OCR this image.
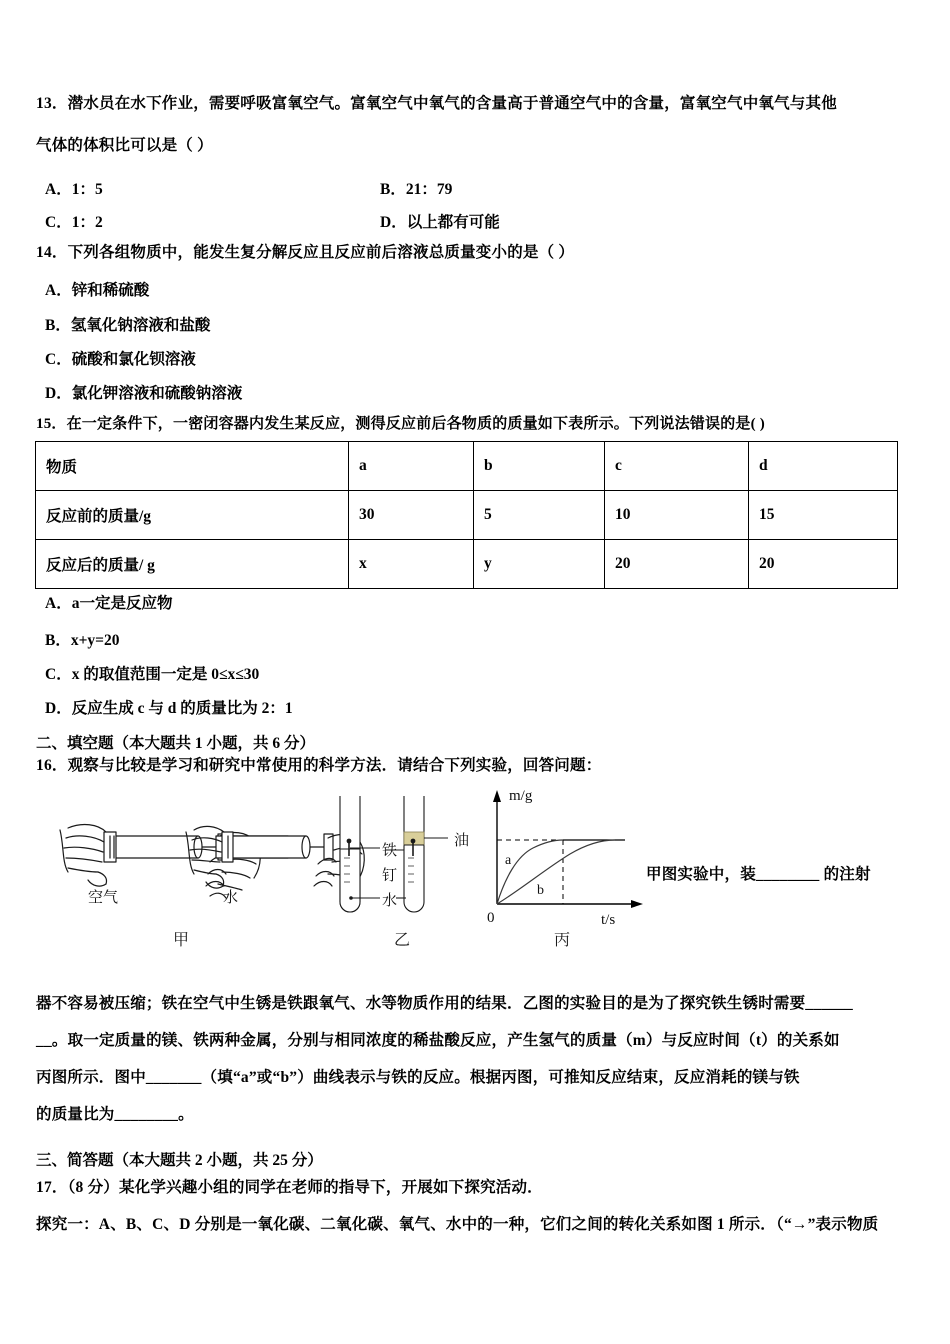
13．潜水员在水下作业，需要呼吸富氧空气。富氧空气中氧气的含量高于普通空气中的含量，富氧空气中氧气与其他
气体的体积比可以是（ ）
A．1：5	B．21：79
C．1：2	D．以上都有可能
14．下列各组物质中，能发生复分解反应且反应前后溶液总质量变小的是（ ）
A．锌和稀硫酸
B．氢氧化钠溶液和盐酸
C．硫酸和氯化钡溶液
D．氯化钾溶液和硫酸钠溶液
15．在一定条件下，一密闭容器内发生某反应，测得反应前后各物质的质量如下表所示。下列说法错误的是( )
物质	a	b	c	d
反应前的质量/g	30	5	10	15
反应后的质量/ g	x	y	20	20
A．a一定是反应物
B．x+y=20
C．x 的取值范围一定是 0≤x≤30
D．反应生成 c 与 d 的质量比为 2：1
二、填空题（本大题共 1 小题，共 6 分）
16．观察与比较是学习和研究中常使用的科学方法．请结合下列实验，回答问题：
空气	水
甲
铁
钉
水
油
乙
a
b
m/g
t/s
0
丙
甲图实验中，装________ 的注射
器不容易被压缩；铁在空气中生锈是铁跟氧气、水等物质作用的结果．乙图的实验目的是为了探究铁生锈时需要______
__。取一定质量的镁、铁两种金属，分别与相同浓度的稀盐酸反应，产生氢气的质量（m）与反应时间（t）的关系如
丙图所示．图中_______（填“a”或“b”）曲线表示与铁的反应。根据丙图，可推知反应结束，反应消耗的镁与铁
的质量比为________。
三、简答题（本大题共 2 小题，共 25 分）
17．（8 分）某化学兴趣小组的同学在老师的指导下，开展如下探究活动．
探究一：A、B、C、D 分别是一氧化碳、二氧化碳、氧气、水中的一种，它们之间的转化关系如图 1 所示．（“→”表示物质
